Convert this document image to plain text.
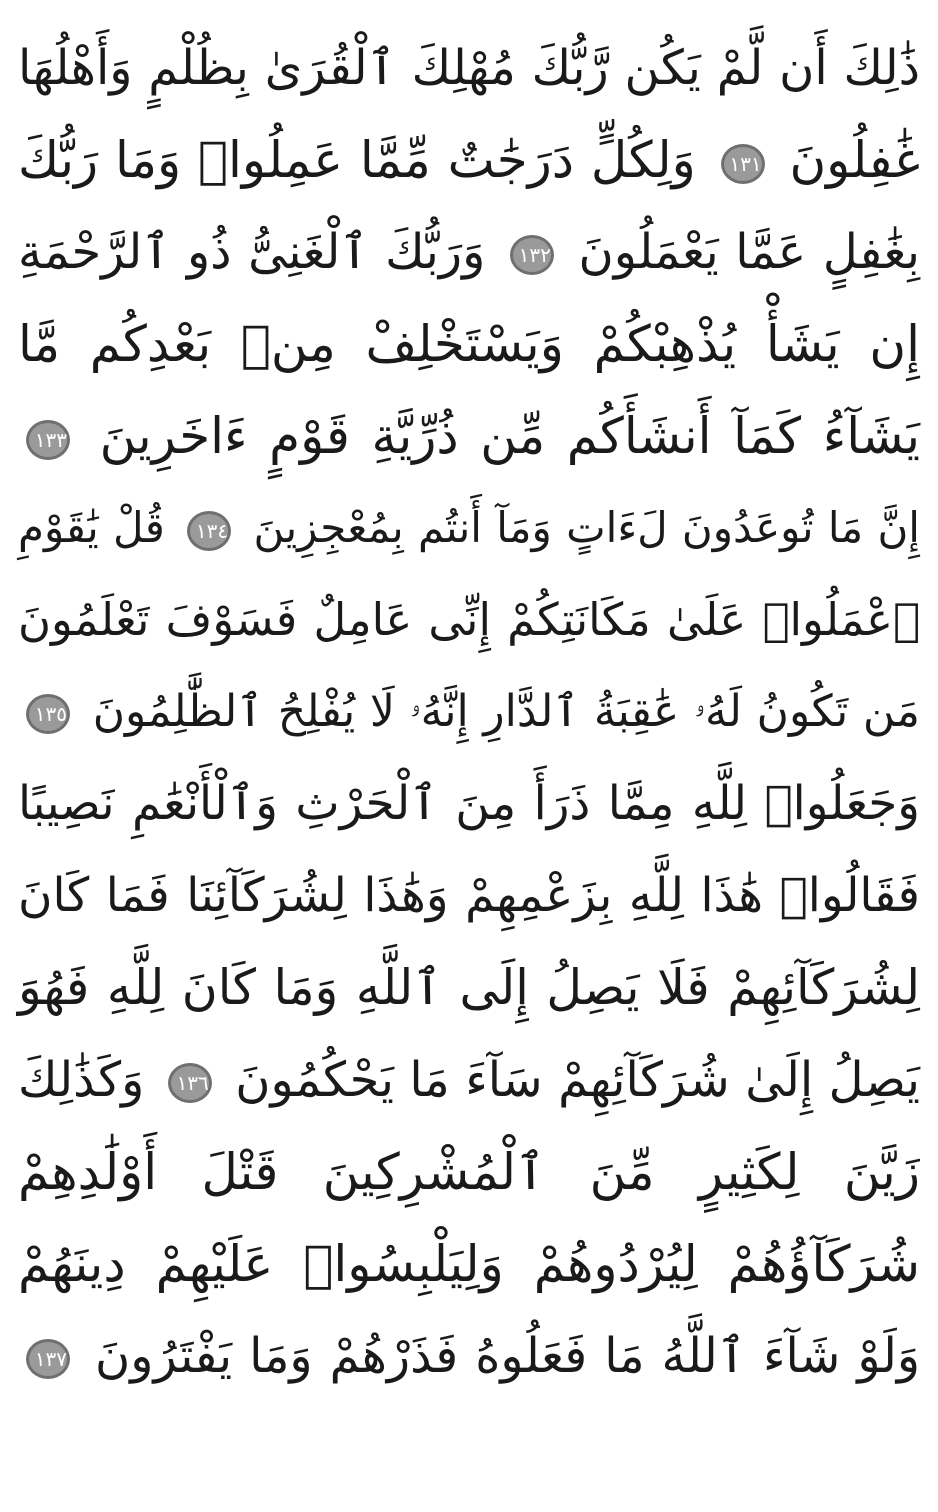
ذَٰلِكَ أَن لَّمْ يَكُن رَّبُّكَ مُهْلِكَ ٱلْقُرَىٰ بِظُلْمٍ وَأَهْلُهَا
غَٰفِلُونَ ١٣١ وَلِكُلٍّ دَرَجَٰتٌ مِّمَّا عَمِلُوا۟ وَمَا رَبُّكَ
بِغَٰفِلٍ عَمَّا يَعْمَلُونَ ١٣٢ وَرَبُّكَ ٱلْغَنِىُّ ذُو ٱلرَّحْمَةِ
إِن يَشَأْ يُذْهِبْكُمْ وَيَسْتَخْلِفْ مِنۢ بَعْدِكُم مَّا
يَشَآءُ كَمَآ أَنشَأَكُم مِّن ذُرِّيَّةِ قَوْمٍ ءَاخَرِينَ ١٣٣
إِنَّ مَا تُوعَدُونَ لَءَاتٍ وَمَآ أَنتُم بِمُعْجِزِينَ ١٣٤ قُلْ يَٰقَوْمِ
ٱعْمَلُوا۟ عَلَىٰ مَكَانَتِكُمْ إِنِّى عَامِلٌ فَسَوْفَ تَعْلَمُونَ
مَن تَكُونُ لَهُۥ عَٰقِبَةُ ٱلدَّارِ إِنَّهُۥ لَا يُفْلِحُ ٱلظَّٰلِمُونَ ١٣٥
وَجَعَلُوا۟ لِلَّهِ مِمَّا ذَرَأَ مِنَ ٱلْحَرْثِ وَٱلْأَنْعَٰمِ نَصِيبًا
فَقَالُوا۟ هَٰذَا لِلَّهِ بِزَعْمِهِمْ وَهَٰذَا لِشُرَكَآئِنَا فَمَا كَانَ
لِشُرَكَآئِهِمْ فَلَا يَصِلُ إِلَى ٱللَّهِ وَمَا كَانَ لِلَّهِ فَهُوَ
يَصِلُ إِلَىٰ شُرَكَآئِهِمْ سَآءَ مَا يَحْكُمُونَ ١٣٦ وَكَذَٰلِكَ
زَيَّنَ لِكَثِيرٍ مِّنَ ٱلْمُشْرِكِينَ قَتْلَ أَوْلَٰدِهِمْ
شُرَكَآؤُهُمْ لِيُرْدُوهُمْ وَلِيَلْبِسُوا۟ عَلَيْهِمْ دِينَهُمْ
وَلَوْ شَآءَ ٱللَّهُ مَا فَعَلُوهُ فَذَرْهُمْ وَمَا يَفْتَرُونَ ١٣٧
